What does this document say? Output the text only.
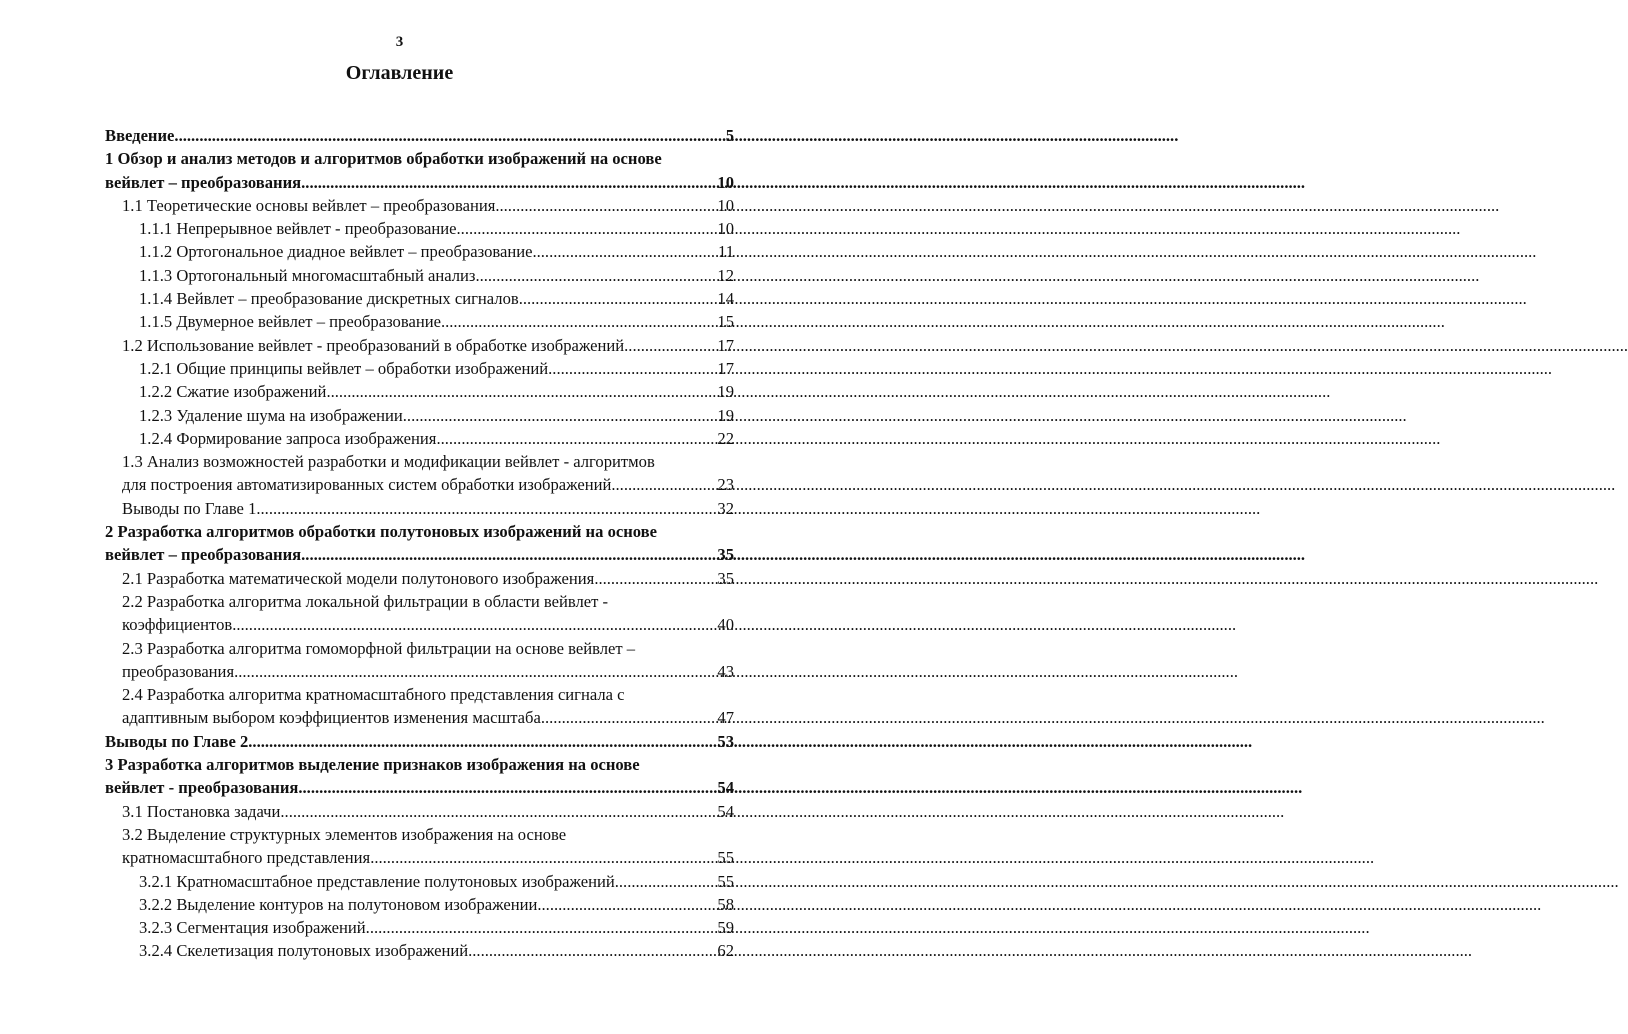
3
Оглавление
Введение .....	5
1 Обзор и анализ методов и алгоритмов обработки изображений на основе
вейвлет – преобразования .....	10
1.1 Теоретические основы вейвлет – преобразования .....	10
1.1.1 Непрерывное вейвлет - преобразование .....	10
1.1.2 Ортогональное диадное вейвлет – преобразование .....	11
1.1.3 Ортогональный многомасштабный анализ .....	12
1.1.4 Вейвлет – преобразование дискретных сигналов. .....	14
1.1.5 Двумерное вейвлет – преобразование .....	15
1.2 Использование вейвлет - преобразований в обработке изображений .....	17
1.2.1 Общие принципы вейвлет – обработки изображений .....	17
1.2.2 Сжатие изображений .....	19
1.2.3 Удаление шума на изображении .....	19
1.2.4 Формирование запроса изображения .....	22
1.3 Анализ возможностей разработки и модификации вейвлет - алгоритмов
для построения автоматизированных систем обработки изображений .....	23
Выводы по Главе 1 .....	32
2 Разработка алгоритмов обработки полутоновых изображений на основе
вейвлет – преобразования .....	35
2.1 Разработка математической модели полутонового изображения .....	35
2.2 Разработка алгоритма локальной фильтрации в области вейвлет -
коэффициентов .....	40
2.3 Разработка алгоритма гомоморфной фильтрации на основе вейвлет –
преобразования .....	43
2.4 Разработка алгоритма кратномасштабного представления сигнала с
адаптивным выбором коэффициентов изменения масштаба .....	47
Выводы по Главе 2 .....	53
3 Разработка алгоритмов выделение признаков изображения на основе
вейвлет - преобразования .....	54
3.1 Постановка задачи .....	54
3.2 Выделение структурных элементов изображения на основе
кратномасштабного представления .....	55
3.2.1 Кратномасштабное представление полутоновых изображений .....	55
3.2.2 Выделение контуров на полутоновом изображении .....	58
3.2.3 Сегментация изображений .....	59
3.2.4 Скелетизация полутоновых изображений .....	62
